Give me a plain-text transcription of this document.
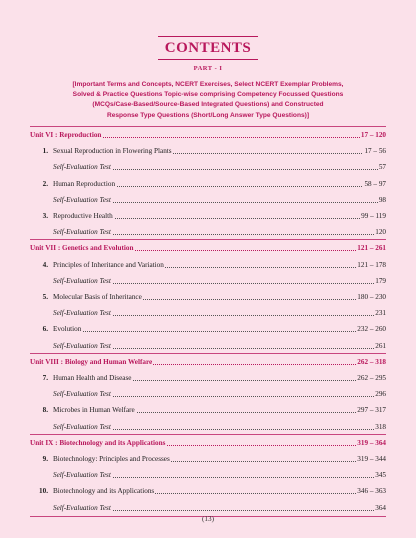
CONTENTS
PART - I
[Important Terms and Concepts, NCERT Exercises, Select NCERT Exemplar Problems,
Solved & Practice Questions Topic-wise comprising Competency Focussed Questions
(MCQs/Case-Based/Source-Based Integrated Questions) and Constructed
Response Type Questions (Short/Long Answer Type Questions)]
Unit VI : Reproduction	17 – 120
1. Sexual Reproduction in Flowering Plants	17 – 56
Self-Evaluation Test	57
2. Human Reproduction	58 – 97
Self-Evaluation Test	98
3. Reproductive Health	99 – 119
Self-Evaluation Test	120
Unit VII : Genetics and Evolution	121 – 261
4. Principles of Inheritance and Variation	121 – 178
Self-Evaluation Test	179
5. Molecular Basis of Inheritance	180 – 230
Self-Evaluation Test	231
6. Evolution	232 – 260
Self-Evaluation Test	261
Unit VIII : Biology and Human Welfare	262 – 318
7. Human Health and Disease	262 – 295
Self-Evaluation Test	296
8. Microbes in Human Welfare	297 – 317
Self-Evaluation Test	318
Unit IX : Biotechnology and its Applications	319 – 364
9. Biotechnology: Principles and Processes	319 – 344
Self-Evaluation Test	345
10. Biotechnology and its Applications	346 – 363
Self-Evaluation Test	364
(13)
